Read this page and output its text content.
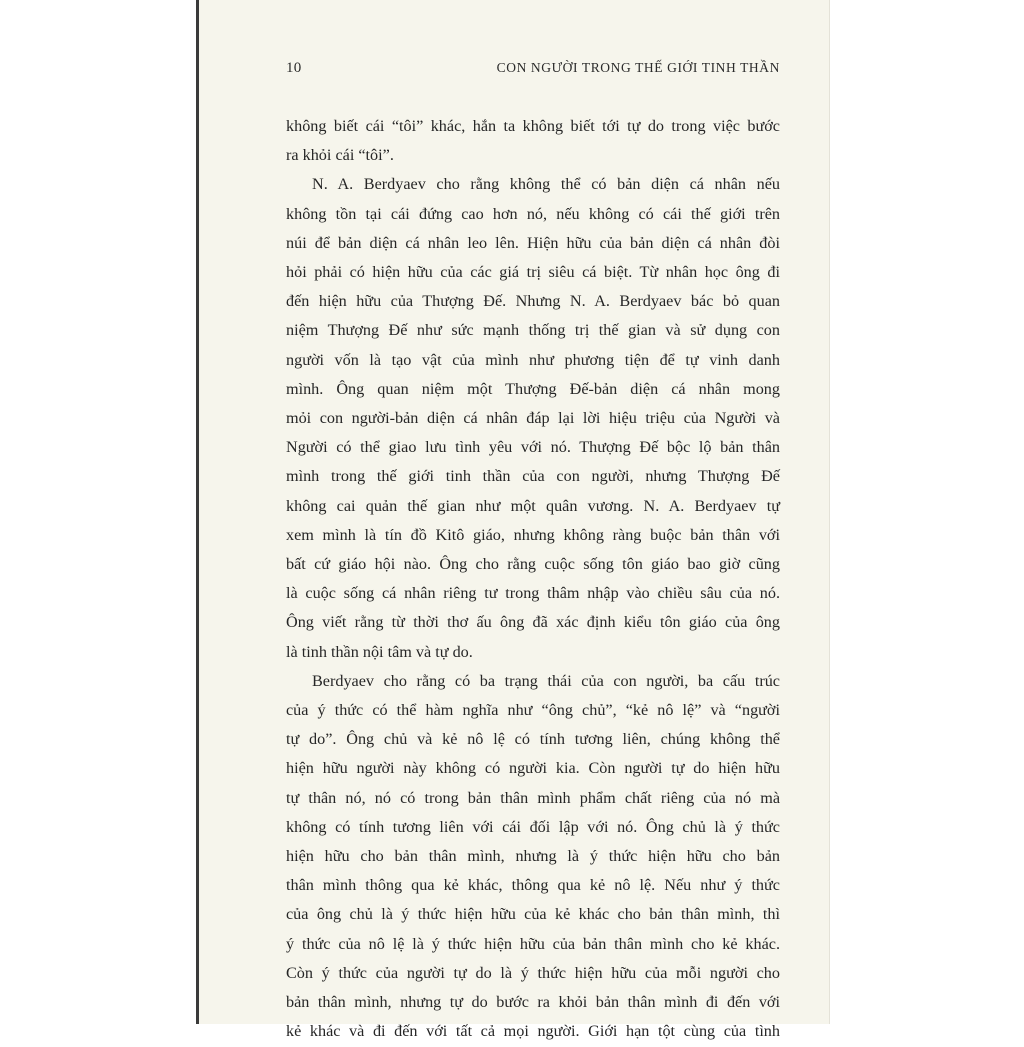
10	CON NGƯỜI TRONG THẾ GIỚI TINH THẦN
không biết cái “tôi” khác, hắn ta không biết tới tự do trong việc bước
ra khỏi cái “tôi”.
N. A. Berdyaev cho rằng không thể có bản diện cá nhân nếu
không tồn tại cái đứng cao hơn nó, nếu không có cái thế giới trên
núi để bản diện cá nhân leo lên. Hiện hữu của bản diện cá nhân đòi
hỏi phải có hiện hữu của các giá trị siêu cá biệt. Từ nhân học ông đi
đến hiện hữu của Thượng Đế. Nhưng N. A. Berdyaev bác bỏ quan
niệm Thượng Đế như sức mạnh thống trị thế gian và sử dụng con
người vốn là tạo vật của mình như phương tiện để tự vinh danh
mình. Ông quan niệm một Thượng Đế-bản diện cá nhân mong
mỏi con người-bản diện cá nhân đáp lại lời hiệu triệu của Người và
Người có thể giao lưu tình yêu với nó. Thượng Đế bộc lộ bản thân
mình trong thế giới tinh thần của con người, nhưng Thượng Đế
không cai quản thế gian như một quân vương. N. A. Berdyaev tự
xem mình là tín đồ Kitô giáo, nhưng không ràng buộc bản thân với
bất cứ giáo hội nào. Ông cho rằng cuộc sống tôn giáo bao giờ cũng
là cuộc sống cá nhân riêng tư trong thâm nhập vào chiều sâu của nó.
Ông viết rằng từ thời thơ ấu ông đã xác định kiểu tôn giáo của ông
là tinh thần nội tâm và tự do.
Berdyaev cho rằng có ba trạng thái của con người, ba cấu trúc
của ý thức có thể hàm nghĩa như “ông chủ”, “kẻ nô lệ” và “người
tự do”. Ông chủ và kẻ nô lệ có tính tương liên, chúng không thể
hiện hữu người này không có người kia. Còn người tự do hiện hữu
tự thân nó, nó có trong bản thân mình phẩm chất riêng của nó mà
không có tính tương liên với cái đối lập với nó. Ông chủ là ý thức
hiện hữu cho bản thân mình, nhưng là ý thức hiện hữu cho bản
thân mình thông qua kẻ khác, thông qua kẻ nô lệ. Nếu như ý thức
của ông chủ là ý thức hiện hữu của kẻ khác cho bản thân mình, thì
ý thức của nô lệ là ý thức hiện hữu của bản thân mình cho kẻ khác.
Còn ý thức của người tự do là ý thức hiện hữu của mỗi người cho
bản thân mình, nhưng tự do bước ra khỏi bản thân mình đi đến với
kẻ khác và đi đến với tất cả mọi người. Giới hạn tột cùng của tình
